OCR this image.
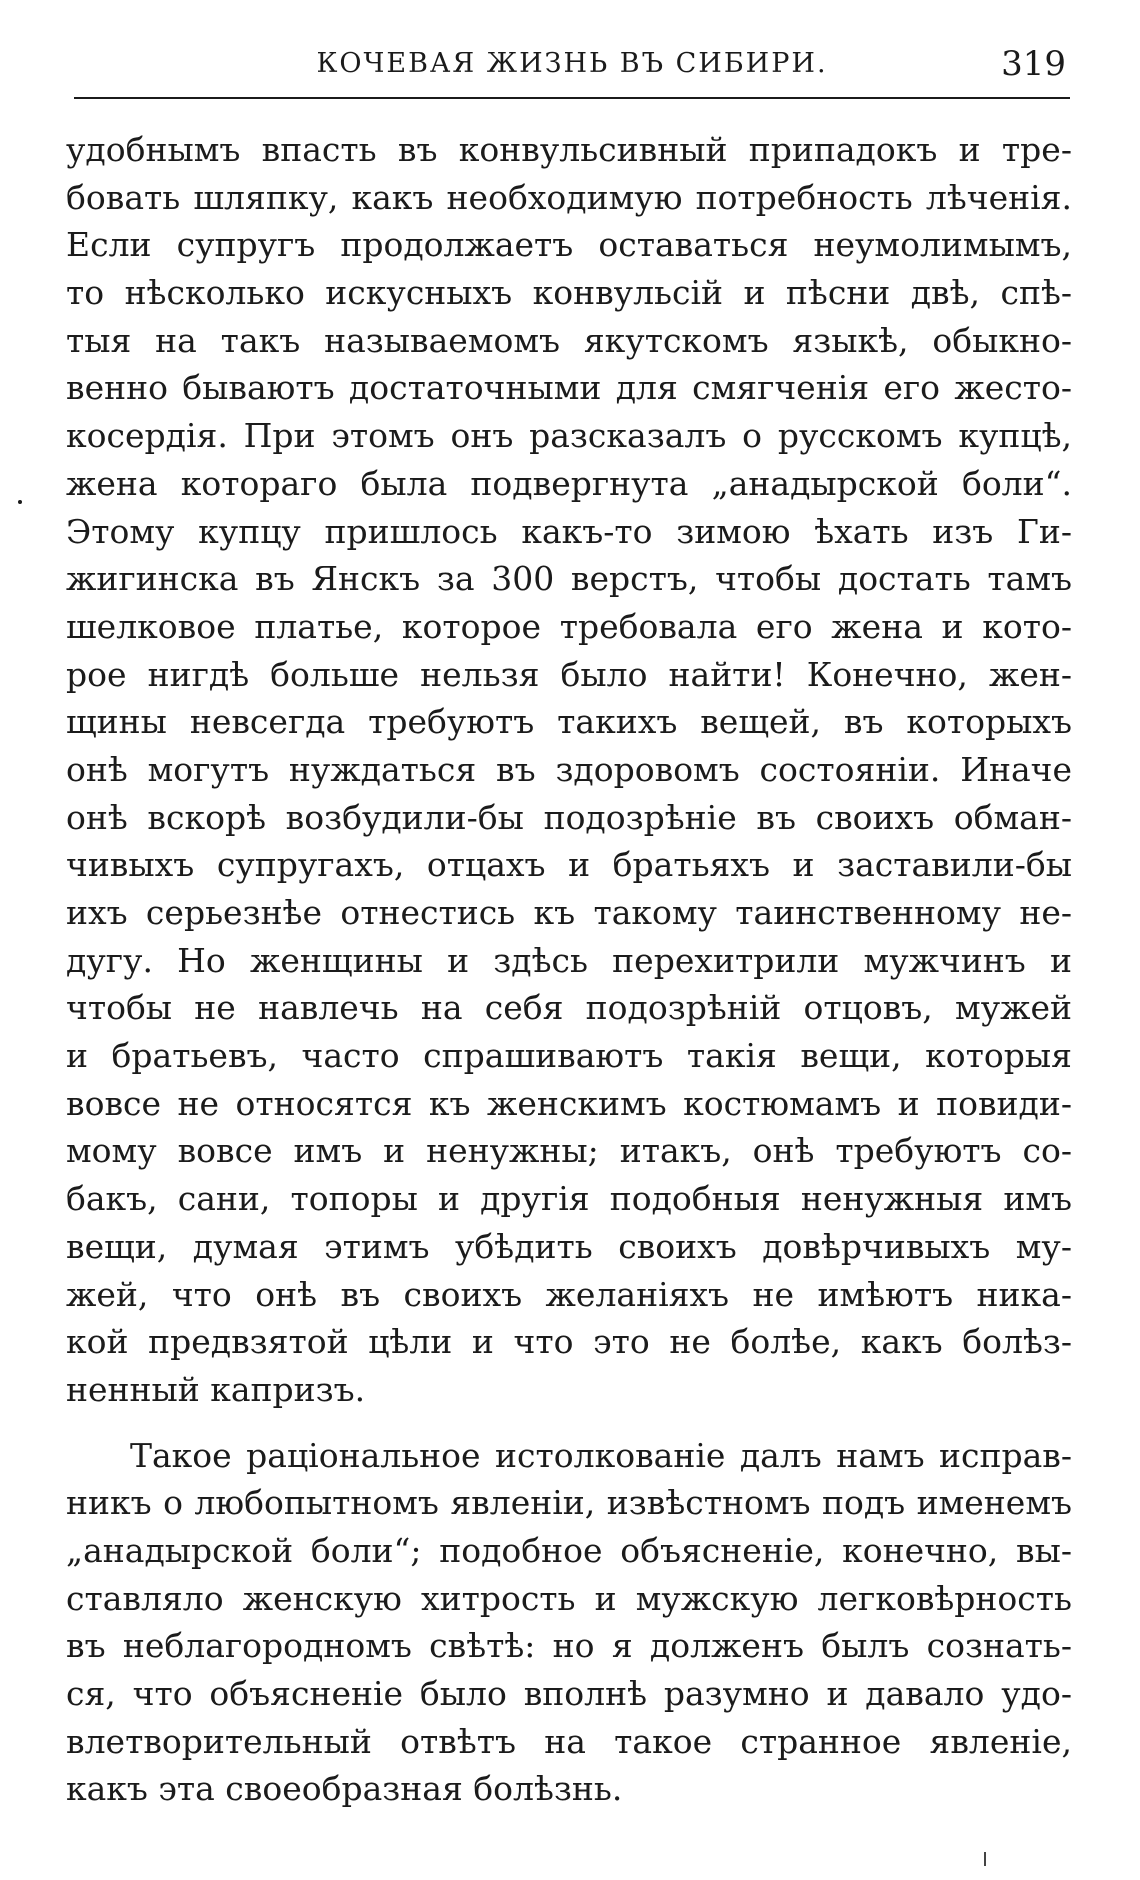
КОЧЕВАЯ ЖИЗНЬ ВЪ СИБИРИ.	319
удобнымъ впасть въ конвульсивный припадокъ и тре-
бовать шляпку, какъ необходимую потребность лѣченія.
Если супругъ продолжаетъ оставаться неумолимымъ,
то нѣсколько искусныхъ конвульсій и пѣсни двѣ, спѣ-
тыя на такъ называемомъ якутскомъ языкѣ, обыкно-
венно бываютъ достаточными для смягченія его жесто-
косердія. При этомъ онъ разсказалъ о русскомъ купцѣ,
жена котораго была подвергнута „анадырской боли“.
Этому купцу пришлось какъ-то зимою ѣхать изъ Ги-
жигинска въ Янскъ за 300 верстъ, чтобы достать тамъ
шелковое платье, которое требовала его жена и кото-
рое нигдѣ больше нельзя было найти! Конечно, жен-
щины невсегда требуютъ такихъ вещей, въ которыхъ
онѣ могутъ нуждаться въ здоровомъ состояніи. Иначе
онѣ вскорѣ возбудили-бы подозрѣніе въ своихъ обман-
чивыхъ супругахъ, отцахъ и братьяхъ и заставили-бы
ихъ серьезнѣе отнестись къ такому таинственному не-
дугу. Но женщины и здѣсь перехитрили мужчинъ и
чтобы не навлечь на себя подозрѣній отцовъ, мужей
и братьевъ, часто спрашиваютъ такія вещи, которыя
вовсе не относятся къ женскимъ костюмамъ и повиди-
мому вовсе имъ и ненужны; итакъ, онѣ требуютъ со-
бакъ, сани, топоры и другія подобныя ненужныя имъ
вещи, думая этимъ убѣдить своихъ довѣрчивыхъ му-
жей, что онѣ въ своихъ желаніяхъ не имѣютъ ника-
кой предвзятой цѣли и что это не болѣе, какъ болѣз-
ненный капризъ.
Такое раціональное истолкованіе далъ намъ исправ-
никъ о любопытномъ явленіи, извѣстномъ подъ именемъ
„анадырской боли“; подобное объясненіе, конечно, вы-
ставляло женскую хитрость и мужскую легковѣрность
въ неблагородномъ свѣтѣ: но я долженъ былъ сознать-
ся, что объясненіе было вполнѣ разумно и давало удо-
влетворительный отвѣтъ на такое странное явленіе,
какъ эта своеобразная болѣзнь.
